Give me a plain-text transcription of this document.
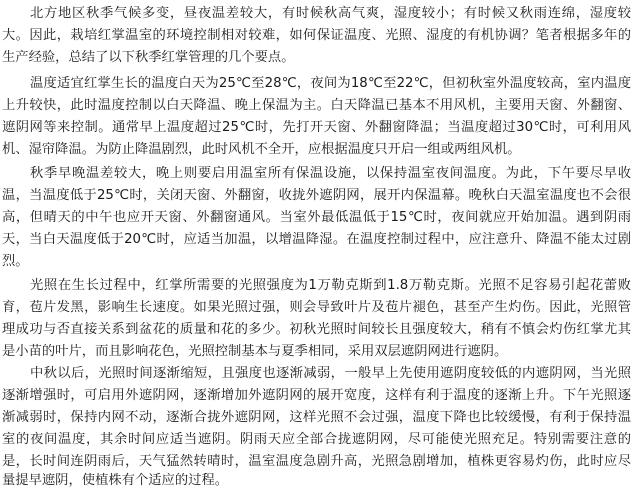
北方地区秋季气候多变，昼夜温差较大，有时候秋高气爽，湿度较小；有时候又秋雨连绵，湿度较
大。因此，栽培红掌温室的环境控制相对较难，如何保证温度、光照、湿度的有机协调？笔者根据多年的
生产经验，总结了以下秋季红掌管理的几个要点。
温度适宜红掌生长的温度白天为25℃至28℃，夜间为18℃至22℃，但初秋室外温度较高，室内温度
上升较快，此时温度控制以白天降温、晚上保温为主。白天降温已基本不用风机，主要用天窗、外翻窗、
遮阴网等来控制。通常早上温度超过25℃时，先打开天窗、外翻窗降温；当温度超过30℃时，可利用风
机、湿帘降温。为防止降温剧烈，此时风机不全开，应根据温度只开启一组或两组风机。
秋季早晚温差较大，晚上则要启用温室所有保温设施，以保持温室夜间温度。为此，下午要尽早收
温，当温度低于25℃时，关闭天窗、外翻窗，收拢外遮阴网，展开内保温幕。晚秋白天温室温度也不会很
高，但晴天的中午也应开天窗、外翻窗通风。当室外最低温低于15℃时，夜间就应开始加温。遇到阴雨
天，当白天温度低于20℃时，应适当加温，以增温降湿。在温度控制过程中，应注意升、降温不能太过剧
烈。
光照在生长过程中，红掌所需要的光照强度为1万勒克斯到1.8万勒克斯。光照不足容易引起花蕾败
育，苞片发黑，影响生长速度。如果光照过强，则会导致叶片及苞片褪色，甚至产生灼伤。因此，光照管
理成功与否直接关系到盆花的质量和花的多少。初秋光照时间较长且强度较大，稍有不慎会灼伤红掌尤其
是小苗的叶片，而且影响花色，光照控制基本与夏季相同，采用双层遮阴网进行遮阴。
中秋以后，光照时间逐渐缩短，且强度也逐渐减弱，一般早上先使用遮阴度较低的内遮阴网，当光照
逐渐增强时，可启用外遮阴网，逐渐增加外遮阴网的展开宽度，这样有利于温度的逐渐上升。下午光照逐
渐减弱时，保持内网不动，逐渐合拢外遮阴网，这样光照不会过强，温度下降也比较缓慢，有利于保持温
室的夜间温度，其余时间应适当遮阴。阴雨天应全部合拢遮阴网，尽可能使光照充足。特别需要注意的
是，长时间连阴雨后，天气猛然转晴时，温室温度急剧升高，光照急剧增加，植株更容易灼伤，此时应尽
量提早遮阴，使植株有个适应的过程。
